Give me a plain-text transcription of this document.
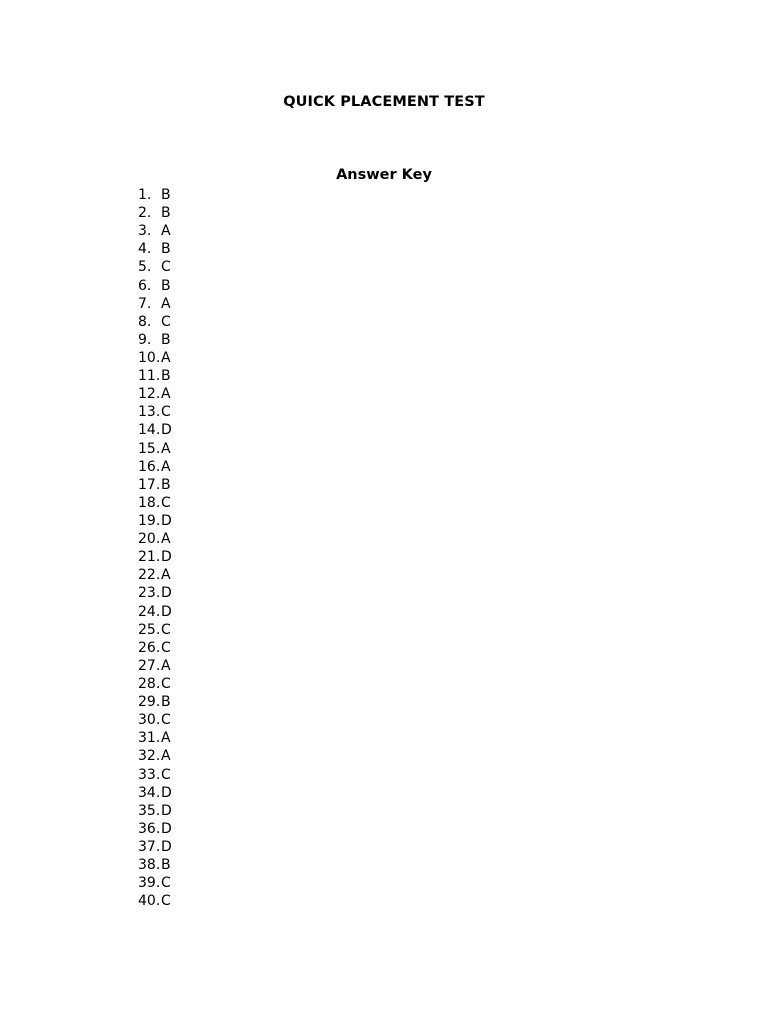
QUICK PLACEMENT TEST
Answer Key
1. B
2. B
3. A
4. B
5. C
6. B
7. A
8. C
9. B
10.A
11.B
12.A
13.C
14.D
15.A
16.A
17.B
18.C
19.D
20.A
21.D
22.A
23.D
24.D
25.C
26.C
27.A
28.C
29.B
30.C
31.A
32.A
33.C
34.D
35.D
36.D
37.D
38.B
39.C
40.C
